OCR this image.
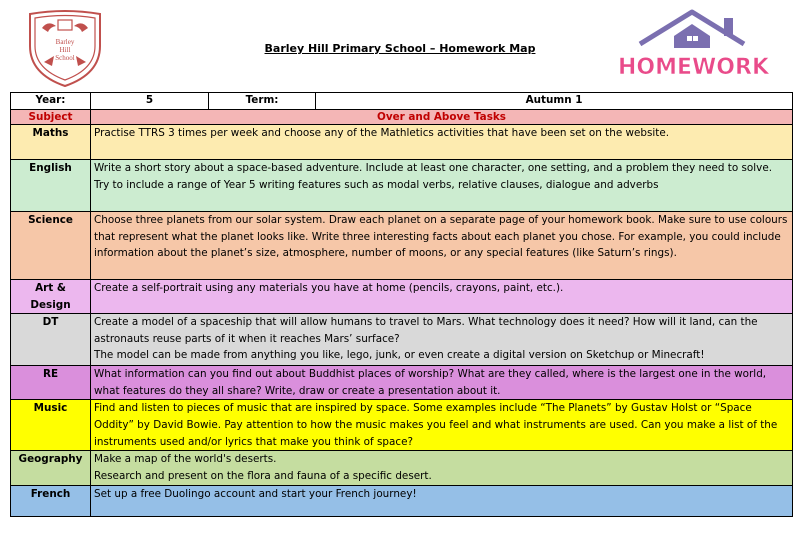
Barley
Hill
School
Barley Hill Primary School – Homework Map
HOMEWORK
Year:	5	Term:	Autumn 1
Subject	Over and Above Tasks		
Maths	Practise TTRS 3 times per week and choose any of the Mathletics activities that have been set on the website.		
English	Write a short story about a space-based adventure. Include at least one character, one setting, and a problem they need to solve. Try to include a range of Year 5 writing features such as modal verbs, relative clauses, dialogue and adverbs		
Science	Choose three planets from our solar system. Draw each planet on a separate page of your homework book. Make sure to use colours that represent what the planet looks like. Write three interesting facts about each planet you chose. For example, you could include information about the planet’s size, atmosphere, number of moons, or any special features (like Saturn’s rings).		
Art & Design	Create a self-portrait using any materials you have at home (pencils, crayons, paint, etc.).		
DT	Create a model of a spaceship that will allow humans to travel to Mars. What technology does it need? How will it land, can the astronauts reuse parts of it when it reaches Mars’ surface?
The model can be made from anything you like, lego, junk, or even create a digital version on Sketchup or Minecraft!		
RE	What information can you find out about Buddhist places of worship? What are they called, where is the largest one in the world, what features do they all share? Write, draw or create a presentation about it.		
Music	Find and listen to pieces of music that are inspired by space. Some examples include “The Planets” by Gustav Holst or “Space Oddity” by David Bowie. Pay attention to how the music makes you feel and what instruments are used. Can you make a list of the instruments used and/or lyrics that make you think of space?		
Geography	Make a map of the world's deserts.
Research and present on the flora and fauna of a specific desert.		
French	Set up a free Duolingo account and start your French journey!		
